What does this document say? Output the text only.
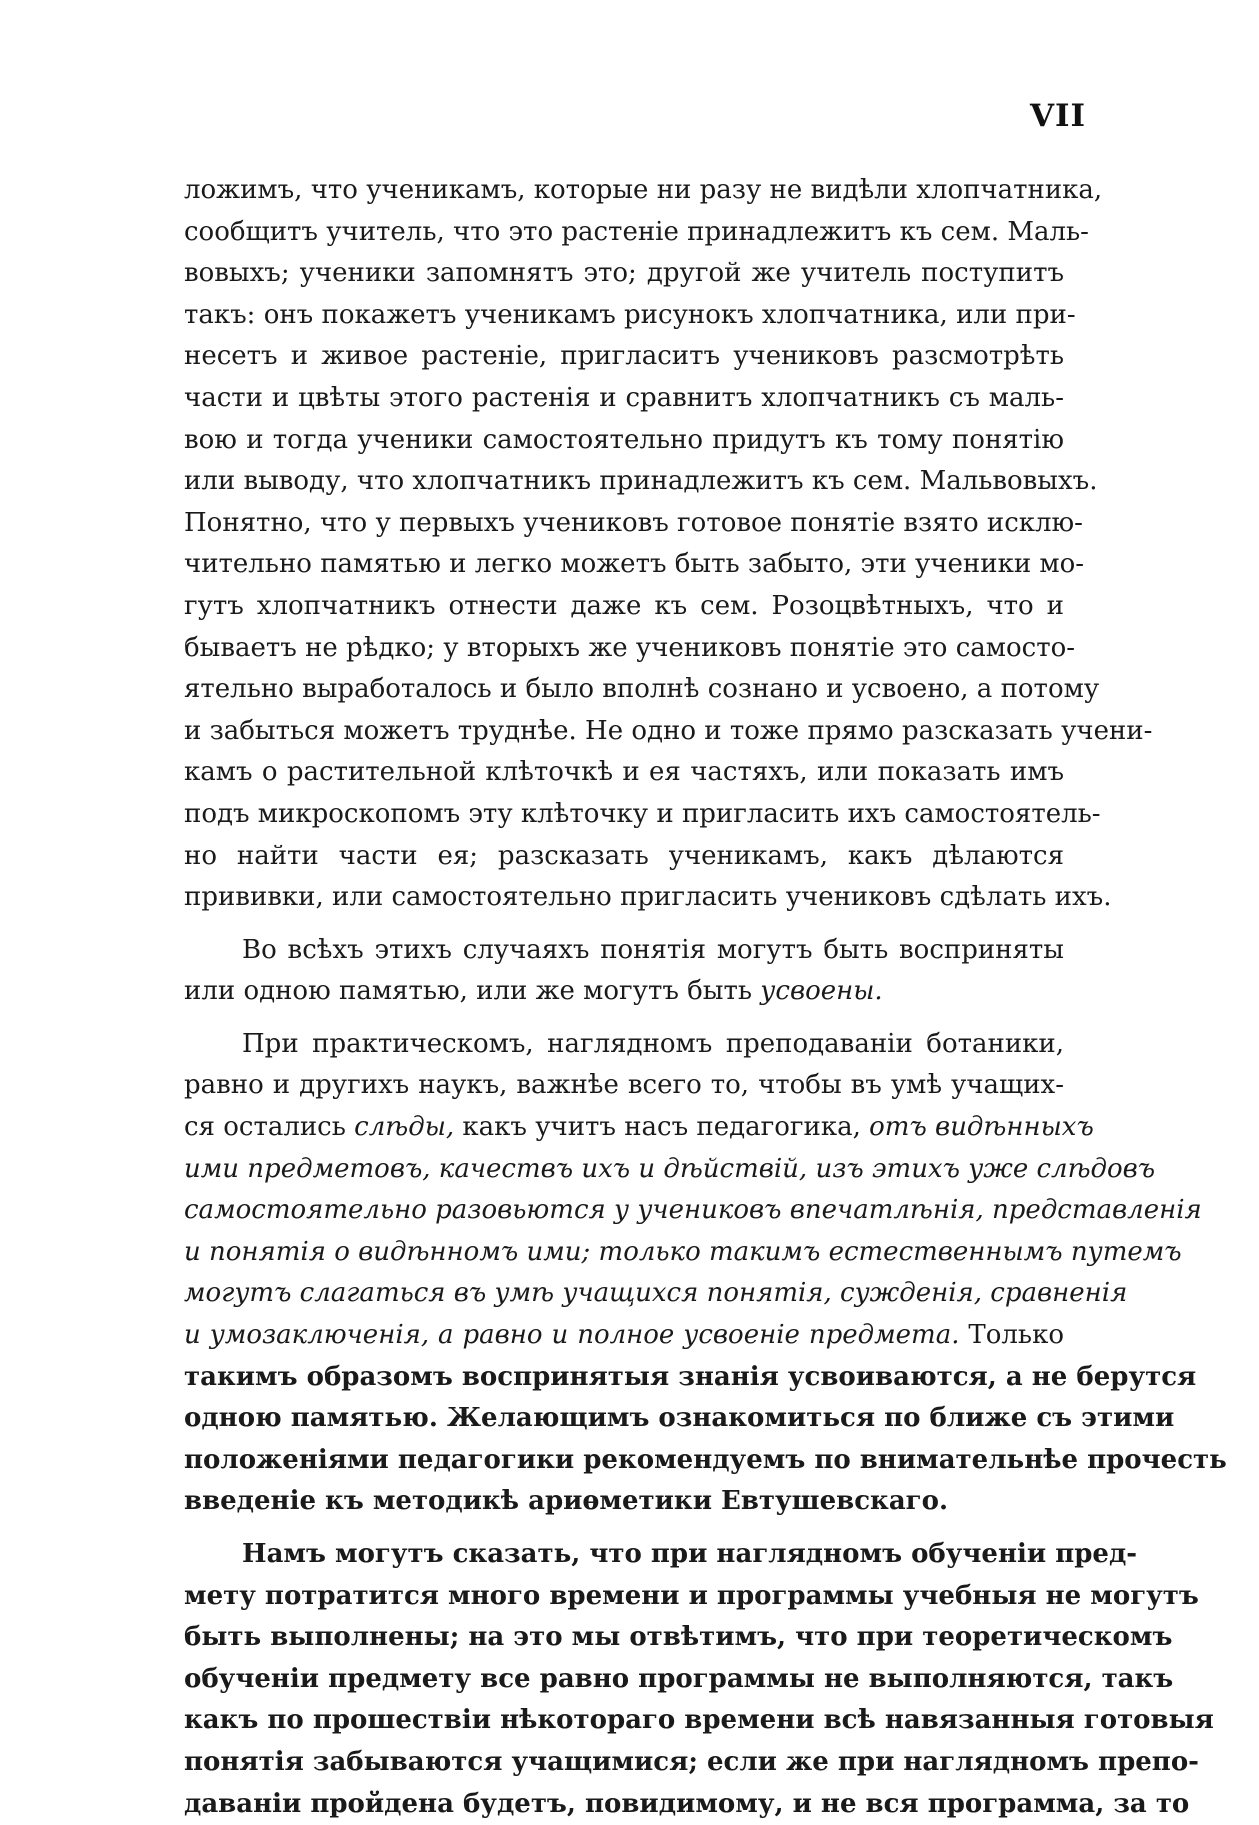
VII
ложимъ, что ученикамъ, которые ни разу не видѣли хлопчатника,
сообщитъ учитель, что это растеніе принадлежитъ къ сем. Маль-
вовыхъ; ученики запомнятъ это; другой же учитель поступитъ
такъ: онъ покажетъ ученикамъ рисунокъ хлопчатника, или при-
несетъ и живое растеніе, пригласитъ учениковъ разсмотрѣть
части и цвѣты этого растенія и сравнитъ хлопчатникъ съ маль-
вою и тогда ученики самостоятельно придутъ къ тому понятію
или выводу, что хлопчатникъ принадлежитъ къ сем. Мальвовыхъ.
Понятно, что у первыхъ учениковъ готовое понятіе взято исклю-
чительно памятью и легко можетъ быть забыто, эти ученики мо-
гутъ хлопчатникъ отнести даже къ сем. Розоцвѣтныхъ, что и
бываетъ не рѣдко; у вторыхъ же учениковъ понятіе это самосто-
ятельно выработалось и было вполнѣ сознано и усвоено, а потому
и забыться можетъ труднѣе. Не одно и тоже прямо разсказать учени-
камъ о растительной клѣточкѣ и ея частяхъ, или показать имъ
подъ микроскопомъ эту клѣточку и пригласить ихъ самостоятель-
но найти части ея; разсказать ученикамъ, какъ дѣлаются
прививки, или самостоятельно пригласить учениковъ сдѣлать ихъ.
Во всѣхъ этихъ случаяхъ понятія могутъ быть восприняты
или одною памятью, или же могутъ быть усвоены.
При практическомъ, наглядномъ преподаваніи ботаники,
равно и другихъ наукъ, важнѣе всего то, чтобы въ умѣ учащих-
ся остались слѣды, какъ учитъ насъ педагогика, отъ видѣнныхъ
ими предметовъ, качествъ ихъ и дѣйствій, изъ этихъ уже слѣдовъ
самостоятельно разовьются у учениковъ впечатлѣнія, представленія
и понятія о видѣнномъ ими; только такимъ естественнымъ путемъ
могутъ слагаться въ умѣ учащихся понятія, сужденія, сравненія
и умозаключенія, а равно и полное усвоеніе предмета. Только
такимъ образомъ воспринятыя знанія усвоиваются, а не берутся
одною памятью. Желающимъ ознакомиться по ближе съ этими
положеніями педагогики рекомендуемъ по внимательнѣе прочесть
введеніе къ методикѣ ариѳметики Евтушевскаго.
Намъ могутъ сказать, что при наглядномъ обученіи пред-
мету потратится много времени и программы учебныя не могутъ
быть выполнены; на это мы отвѣтимъ, что при теоретическомъ
обученіи предмету все равно программы не выполняются, такъ
какъ по прошествіи нѣкотораго времени всѣ навязанныя готовыя
понятія забываются учащимися; если же при наглядномъ препо-
даваніи пройдена будетъ, повидимому, и не вся программа, за то
